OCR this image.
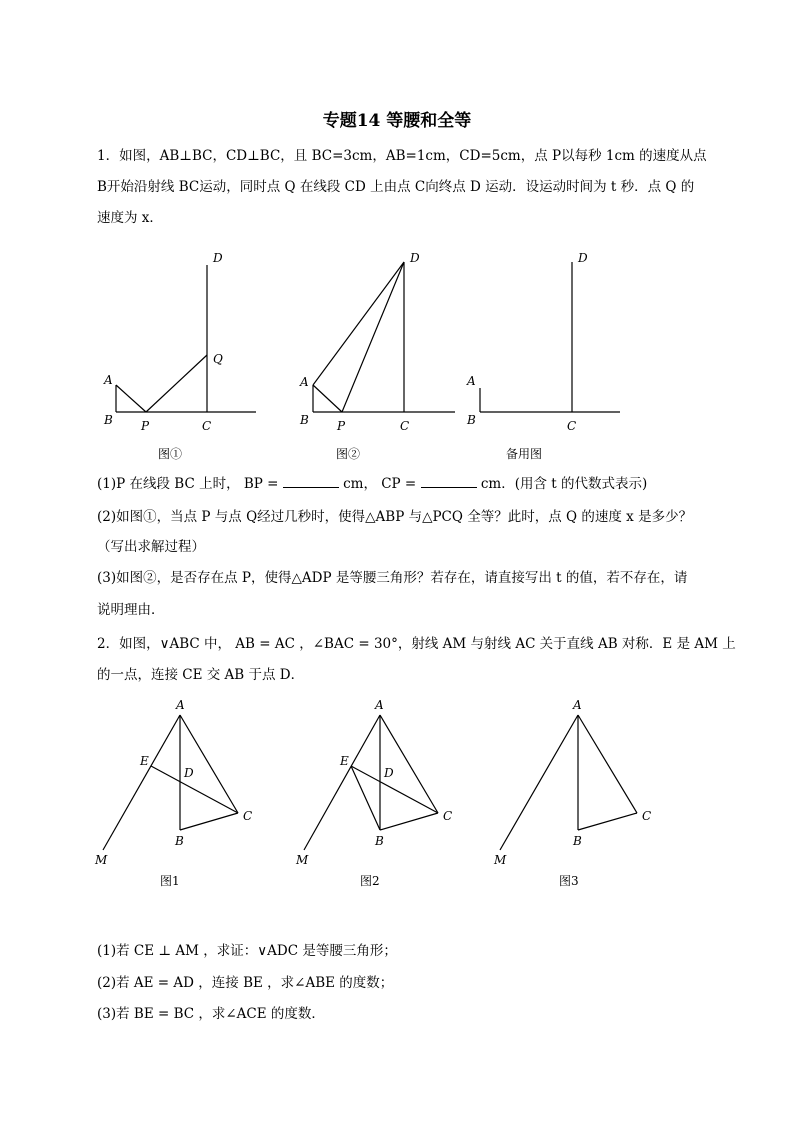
专题14 等腰和全等
1．如图，AB⊥BC，CD⊥BC，且 BC=3cm，AB=1cm，CD=5cm，点 P以每秒 1cm 的速度从点
B开始沿射线 BC运动，同时点 Q 在线段 CD 上由点 C向终点 D 运动．设运动时间为 t 秒．点 Q 的
速度为 x．
A
B P	C
D
Q
图①
A
B P	C
D
图②
A
B	C
D
备用图
(1)P 在线段 BC 上时， BP =	cm， CP =	cm．(用含 t 的代数式表示)
(2)如图①，当点 P 与点 Q经过几秒时，使得△ABP 与△PCQ 全等？此时，点 Q 的速度 x 是多少？
（写出求解过程）
(3)如图②，是否存在点 P，使得△ADP 是等腰三角形？若存在，请直接写出 t 的值，若不存在，请
说明理由．
2．如图，∨ABC 中， AB = AC ，∠BAC = 30°，射线 AM 与射线 AC 关于直线 AB 对称．E 是 AM 上
的一点，连接 CE 交 AB 于点 D．
A
E
D
C
B
M
图1
A
E
D
C
B
M
图2
A
C
B
M
图3
(1)若 CE ⊥ AM ，求证：∨ADC 是等腰三角形；
(2)若 AE = AD ，连接 BE ，求∠ABE 的度数；
(3)若 BE = BC ，求∠ACE 的度数．
